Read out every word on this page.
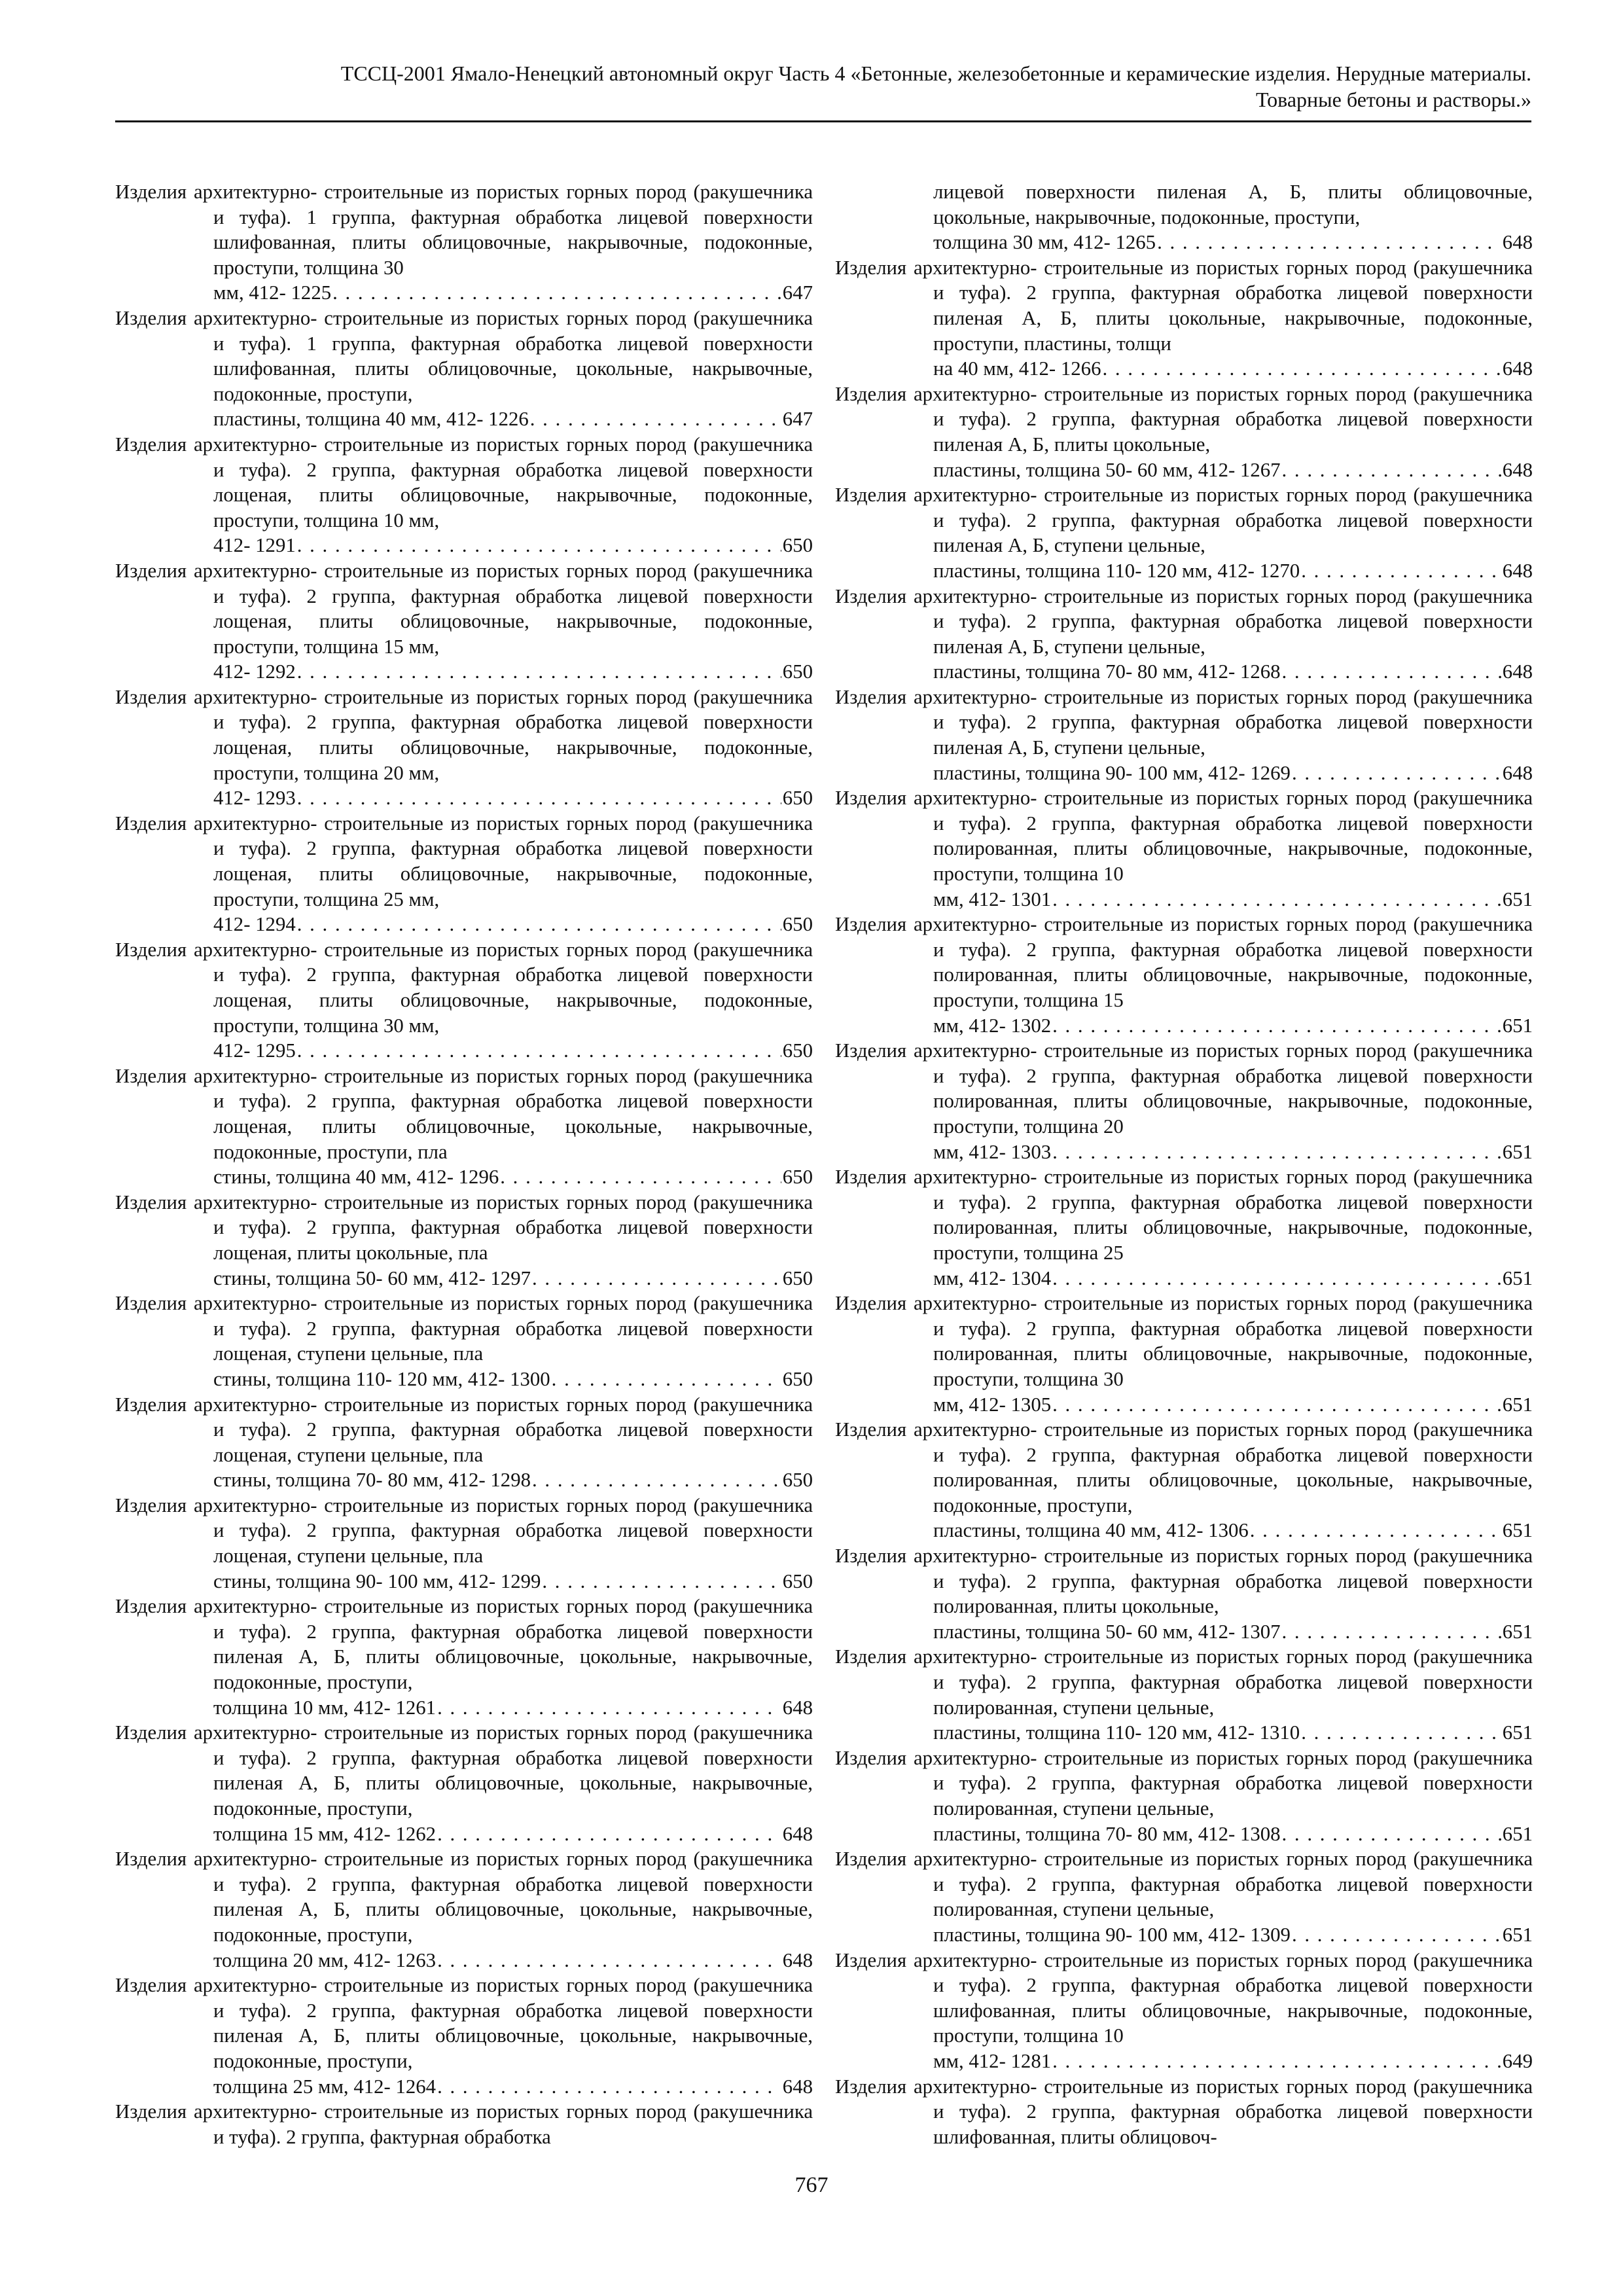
ТССЦ-2001 Ямало-Ненецкий автономный округ Часть 4 «Бетонные, железобетонные и керамические изделия. Нерудные материалы.
Товарные бетоны и растворы.»
Изделия архитектурно- строительные из пористых горных пород (ракушечника и туфа). 1 группа, фактурная обработка лицевой поверхности шлифованная, плиты облицовочные, накрывочные, подоконные, проступи, толщина 30
мм, 412- 1225 . . .	647
Изделия архитектурно- строительные из пористых горных пород (ракушечника и туфа). 1 группа, фактурная обработка лицевой поверхности шлифованная, плиты облицовочные, цокольные, накрывочные, подоконные, проступи,
пластины, толщина 40 мм, 412- 1226 . . .	647
Изделия архитектурно- строительные из пористых горных пород (ракушечника и туфа). 2 группа, фактурная обработка лицевой поверхности лощеная, плиты облицовочные, накрывочные, подоконные, проступи, толщина 10 мм,
412- 1291 . . .	650
Изделия архитектурно- строительные из пористых горных пород (ракушечника и туфа). 2 группа, фактурная обработка лицевой поверхности лощеная, плиты облицовочные, накрывочные, подоконные, проступи, толщина 15 мм,
412- 1292 . . .	650
Изделия архитектурно- строительные из пористых горных пород (ракушечника и туфа). 2 группа, фактурная обработка лицевой поверхности лощеная, плиты облицовочные, накрывочные, подоконные, проступи, толщина 20 мм,
412- 1293 . . .	650
Изделия архитектурно- строительные из пористых горных пород (ракушечника и туфа). 2 группа, фактурная обработка лицевой поверхности лощеная, плиты облицовочные, накрывочные, подоконные, проступи, толщина 25 мм,
412- 1294 . . .	650
Изделия архитектурно- строительные из пористых горных пород (ракушечника и туфа). 2 группа, фактурная обработка лицевой поверхности лощеная, плиты облицовочные, накрывочные, подоконные, проступи, толщина 30 мм,
412- 1295 . . .	650
Изделия архитектурно- строительные из пористых горных пород (ракушечника и туфа). 2 группа, фактурная обработка лицевой поверхности лощеная, плиты облицовочные, цокольные, накрывочные, подоконные, проступи, пла
стины, толщина 40 мм, 412- 1296 . . .	650
Изделия архитектурно- строительные из пористых горных пород (ракушечника и туфа). 2 группа, фактурная обработка лицевой поверхности лощеная, плиты цокольные, пла
стины, толщина 50- 60 мм, 412- 1297 . . .	650
Изделия архитектурно- строительные из пористых горных пород (ракушечника и туфа). 2 группа, фактурная обработка лицевой поверхности лощеная, ступени цельные, пла
стины, толщина 110- 120 мм, 412- 1300 . . .	650
Изделия архитектурно- строительные из пористых горных пород (ракушечника и туфа). 2 группа, фактурная обработка лицевой поверхности лощеная, ступени цельные, пла
стины, толщина 70- 80 мм, 412- 1298 . . .	650
Изделия архитектурно- строительные из пористых горных пород (ракушечника и туфа). 2 группа, фактурная обработка лицевой поверхности лощеная, ступени цельные, пла
стины, толщина 90- 100 мм, 412- 1299 . . .	650
Изделия архитектурно- строительные из пористых горных пород (ракушечника и туфа). 2 группа, фактурная обработка лицевой поверхности пиленая А, Б, плиты облицовочные, цокольные, накрывочные, подоконные, проступи,
толщина 10 мм, 412- 1261 . . .	648
Изделия архитектурно- строительные из пористых горных пород (ракушечника и туфа). 2 группа, фактурная обработка лицевой поверхности пиленая А, Б, плиты облицовочные, цокольные, накрывочные, подоконные, проступи,
толщина 15 мм, 412- 1262 . . .	648
Изделия архитектурно- строительные из пористых горных пород (ракушечника и туфа). 2 группа, фактурная обработка лицевой поверхности пиленая А, Б, плиты облицовочные, цокольные, накрывочные, подоконные, проступи,
толщина 20 мм, 412- 1263 . . .	648
Изделия архитектурно- строительные из пористых горных пород (ракушечника и туфа). 2 группа, фактурная обработка лицевой поверхности пиленая А, Б, плиты облицовочные, цокольные, накрывочные, подоконные, проступи,
толщина 25 мм, 412- 1264 . . .	648
Изделия архитектурно- строительные из пористых горных пород (ракушечника и туфа). 2 группа, фактурная обработка
лицевой поверхности пиленая А, Б, плиты облицовочные, цокольные, накрывочные, подоконные, проступи,
толщина 30 мм, 412- 1265 . . .	648
Изделия архитектурно- строительные из пористых горных пород (ракушечника и туфа). 2 группа, фактурная обработка лицевой поверхности пиленая А, Б, плиты цокольные, накрывочные, подоконные, проступи, пластины, толщи
на 40 мм, 412- 1266 . . .	648
Изделия архитектурно- строительные из пористых горных пород (ракушечника и туфа). 2 группа, фактурная обработка лицевой поверхности пиленая А, Б, плиты цокольные,
пластины, толщина 50- 60 мм, 412- 1267 . . .	648
Изделия архитектурно- строительные из пористых горных пород (ракушечника и туфа). 2 группа, фактурная обработка лицевой поверхности пиленая А, Б, ступени цельные,
пластины, толщина 110- 120 мм, 412- 1270 . . .	648
Изделия архитектурно- строительные из пористых горных пород (ракушечника и туфа). 2 группа, фактурная обработка лицевой поверхности пиленая А, Б, ступени цельные,
пластины, толщина 70- 80 мм, 412- 1268 . . .	648
Изделия архитектурно- строительные из пористых горных пород (ракушечника и туфа). 2 группа, фактурная обработка лицевой поверхности пиленая А, Б, ступени цельные,
пластины, толщина 90- 100 мм, 412- 1269 . . .	648
Изделия архитектурно- строительные из пористых горных пород (ракушечника и туфа). 2 группа, фактурная обработка лицевой поверхности полированная, плиты облицовочные, накрывочные, подоконные, проступи, толщина 10
мм, 412- 1301 . . .	651
Изделия архитектурно- строительные из пористых горных пород (ракушечника и туфа). 2 группа, фактурная обработка лицевой поверхности полированная, плиты облицовочные, накрывочные, подоконные, проступи, толщина 15
мм, 412- 1302 . . .	651
Изделия архитектурно- строительные из пористых горных пород (ракушечника и туфа). 2 группа, фактурная обработка лицевой поверхности полированная, плиты облицовочные, накрывочные, подоконные, проступи, толщина 20
мм, 412- 1303 . . .	651
Изделия архитектурно- строительные из пористых горных пород (ракушечника и туфа). 2 группа, фактурная обработка лицевой поверхности полированная, плиты облицовочные, накрывочные, подоконные, проступи, толщина 25
мм, 412- 1304 . . .	651
Изделия архитектурно- строительные из пористых горных пород (ракушечника и туфа). 2 группа, фактурная обработка лицевой поверхности полированная, плиты облицовочные, накрывочные, подоконные, проступи, толщина 30
мм, 412- 1305 . . .	651
Изделия архитектурно- строительные из пористых горных пород (ракушечника и туфа). 2 группа, фактурная обработка лицевой поверхности полированная, плиты облицовочные, цокольные, накрывочные, подоконные, проступи,
пластины, толщина 40 мм, 412- 1306 . . .	651
Изделия архитектурно- строительные из пористых горных пород (ракушечника и туфа). 2 группа, фактурная обработка лицевой поверхности полированная, плиты цокольные,
пластины, толщина 50- 60 мм, 412- 1307 . . .	651
Изделия архитектурно- строительные из пористых горных пород (ракушечника и туфа). 2 группа, фактурная обработка лицевой поверхности полированная, ступени цельные,
пластины, толщина 110- 120 мм, 412- 1310 . . .	651
Изделия архитектурно- строительные из пористых горных пород (ракушечника и туфа). 2 группа, фактурная обработка лицевой поверхности полированная, ступени цельные,
пластины, толщина 70- 80 мм, 412- 1308 . . .	651
Изделия архитектурно- строительные из пористых горных пород (ракушечника и туфа). 2 группа, фактурная обработка лицевой поверхности полированная, ступени цельные,
пластины, толщина 90- 100 мм, 412- 1309 . . .	651
Изделия архитектурно- строительные из пористых горных пород (ракушечника и туфа). 2 группа, фактурная обработка лицевой поверхности шлифованная, плиты облицовочные, накрывочные, подоконные, проступи, толщина 10
мм, 412- 1281 . . .	649
Изделия архитектурно- строительные из пористых горных пород (ракушечника и туфа). 2 группа, фактурная обработка лицевой поверхности шлифованная, плиты облицовоч-
767
